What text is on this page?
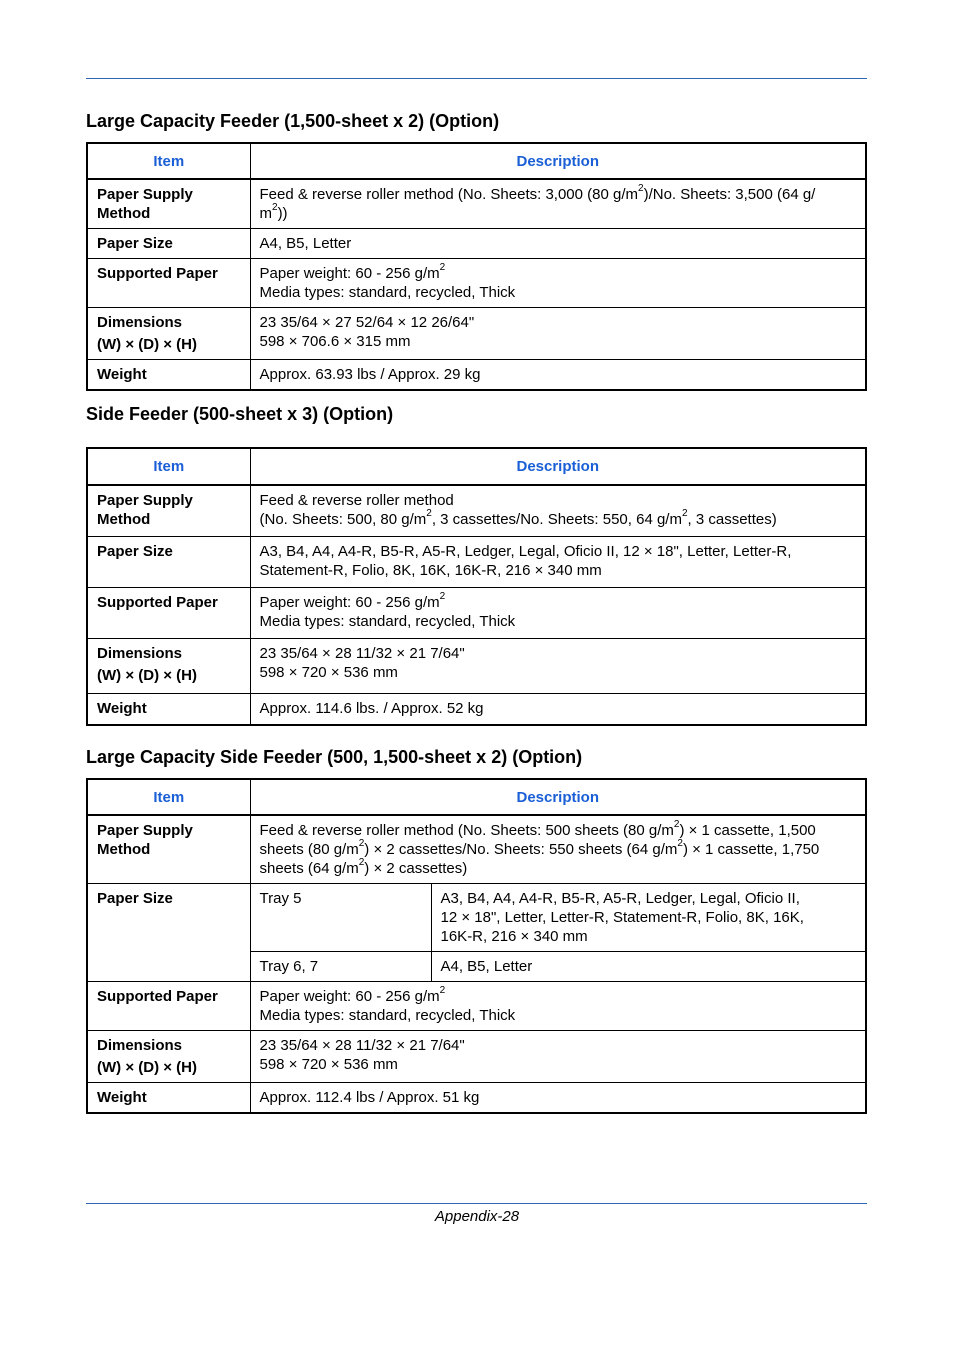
Large Capacity Feeder (1,500-sheet x 2) (Option)
Item	Description

Paper Supply
Method	Feed & reverse roller method (No. Sheets: 3,000 (80 $g/m^2)/No$. Sheets: 3,500 (64 g/
$m^2$))

Paper Size	A4, B5, Letter
Supported Paper	Paper weight: 60 - 256 $g/m^2$
Media types: standard, recycled, Thick

Dimensions
(W) × (D) × (H)	23 35/64 × 27 52/64 × 12 26/64"
598 × 706.6 × 315 mm

Weight	Approx. 63.93 lbs / Approx. 29 kg
Side Feeder (500-sheet x 3) (Option)
Item	Description

Paper Supply
Method	Feed & reverse roller method
(No. Sheets: 500, 80 $g/m^2$, 3 cassettes/No. Sheets: 550, 64 $g/m^2$, 3 cassettes)

Paper Size	A3, B4, A4, A4-R, B5-R, A5-R, Ledger, Legal, Oficio II, 12 × 18", Letter, Letter-R,
Statement-R, Folio, 8K, 16K, 16K-R, 216 × 340 mm

Supported Paper	Paper weight: 60 - 256 $g/m^2$
Media types: standard, recycled, Thick

Dimensions
(W) × (D) × (H)	23 35/64 × 28 11/32 × 21 7/64"
598 × 720 × 536 mm

Weight	Approx. 114.6 lbs. / Approx. 52 kg
Large Capacity Side Feeder (500, 1,500-sheet x 2) (Option)
Item	Description	

Paper Supply
Method	Feed & reverse roller method (No. Sheets: 500 sheets (80 $g/m^2) \times 1$ cassette, 1,500
sheets (80 $g/m^2) \times 2$ cassettes/No. Sheets: 550 sheets (64 $g/m^2) \times 1$ cassette, 1,750
sheets (64 $g/m^2) \times 2$ cassettes)	

Paper Size	Tray 5	A3, B4, A4, A4-R, B5-R, A5-R, Ledger, Legal, Oficio II,
12 × 18", Letter, Letter-R, Statement-R, Folio, 8K, 16K,
16K-R, 216 × 340 mm

	Tray 6, 7	A4, B5, Letter
Supported Paper	Paper weight: 60 - 256 $g/m^2$
Media types: standard, recycled, Thick	

Dimensions
(W) × (D) × (H)	23 35/64 × 28 11/32 × 21 7/64"
598 × 720 × 536 mm	

Weight	Approx. 112.4 lbs / Approx. 51 kg	
Appendix-28
